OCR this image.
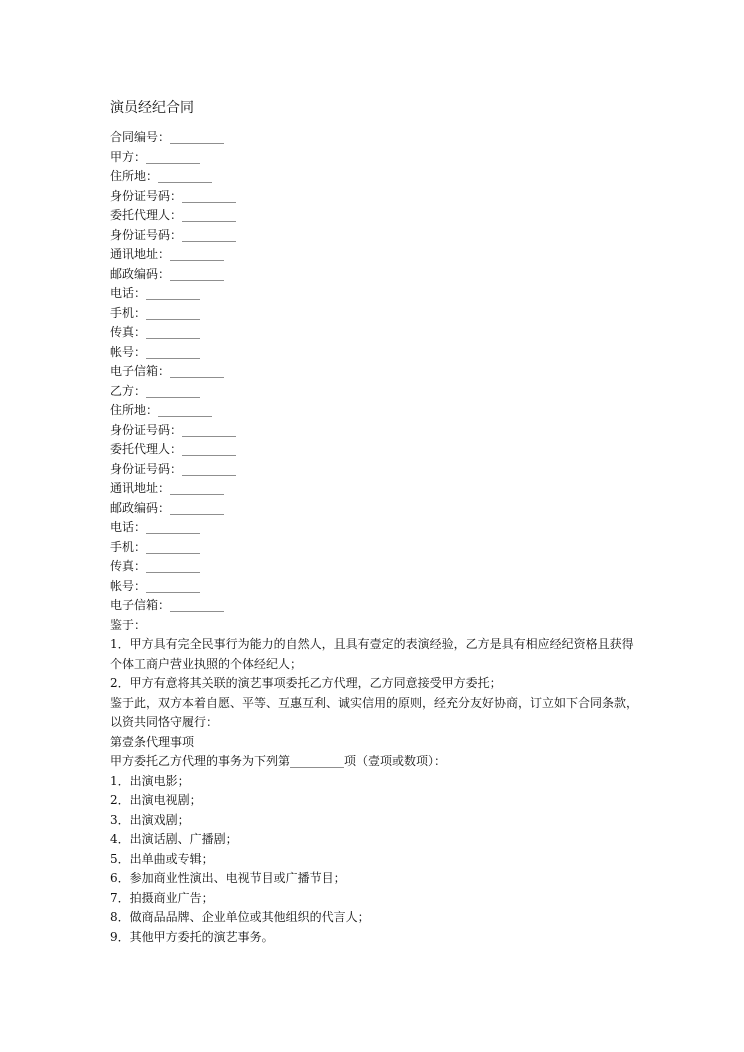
演员经纪合同
合同编号：_________
甲方：_________
住所地：_________
身份证号码：_________
委托代理人：_________
身份证号码：_________
通讯地址：_________
邮政编码：_________
电话：_________
手机：_________
传真：_________
帐号：_________
电子信箱：_________
乙方：_________
住所地：_________
身份证号码：_________
委托代理人：_________
身份证号码：_________
通讯地址：_________
邮政编码：_________
电话：_________
手机：_________
传真：_________
帐号：_________
电子信箱：_________
鉴于：
1．甲方具有完全民事行为能力的自然人，且具有壹定的表演经验，乙方是具有相应经纪资格且获得个体工商户营业执照的个体经纪人；
2．甲方有意将其关联的演艺事项委托乙方代理，乙方同意接受甲方委托；
鉴于此，双方本着自愿、平等、互惠互利、诚实信用的原则，经充分友好协商，订立如下合同条款，以资共同恪守履行：
第壹条代理事项
甲方委托乙方代理的事务为下列第_________项（壹项或数项）：
1．出演电影；
2．出演电视剧；
3．出演戏剧；
4．出演话剧、广播剧；
5．出单曲或专辑；
6．参加商业性演出、电视节目或广播节目；
7．拍摄商业广告；
8．做商品品牌、企业单位或其他组织的代言人；
9．其他甲方委托的演艺事务。
